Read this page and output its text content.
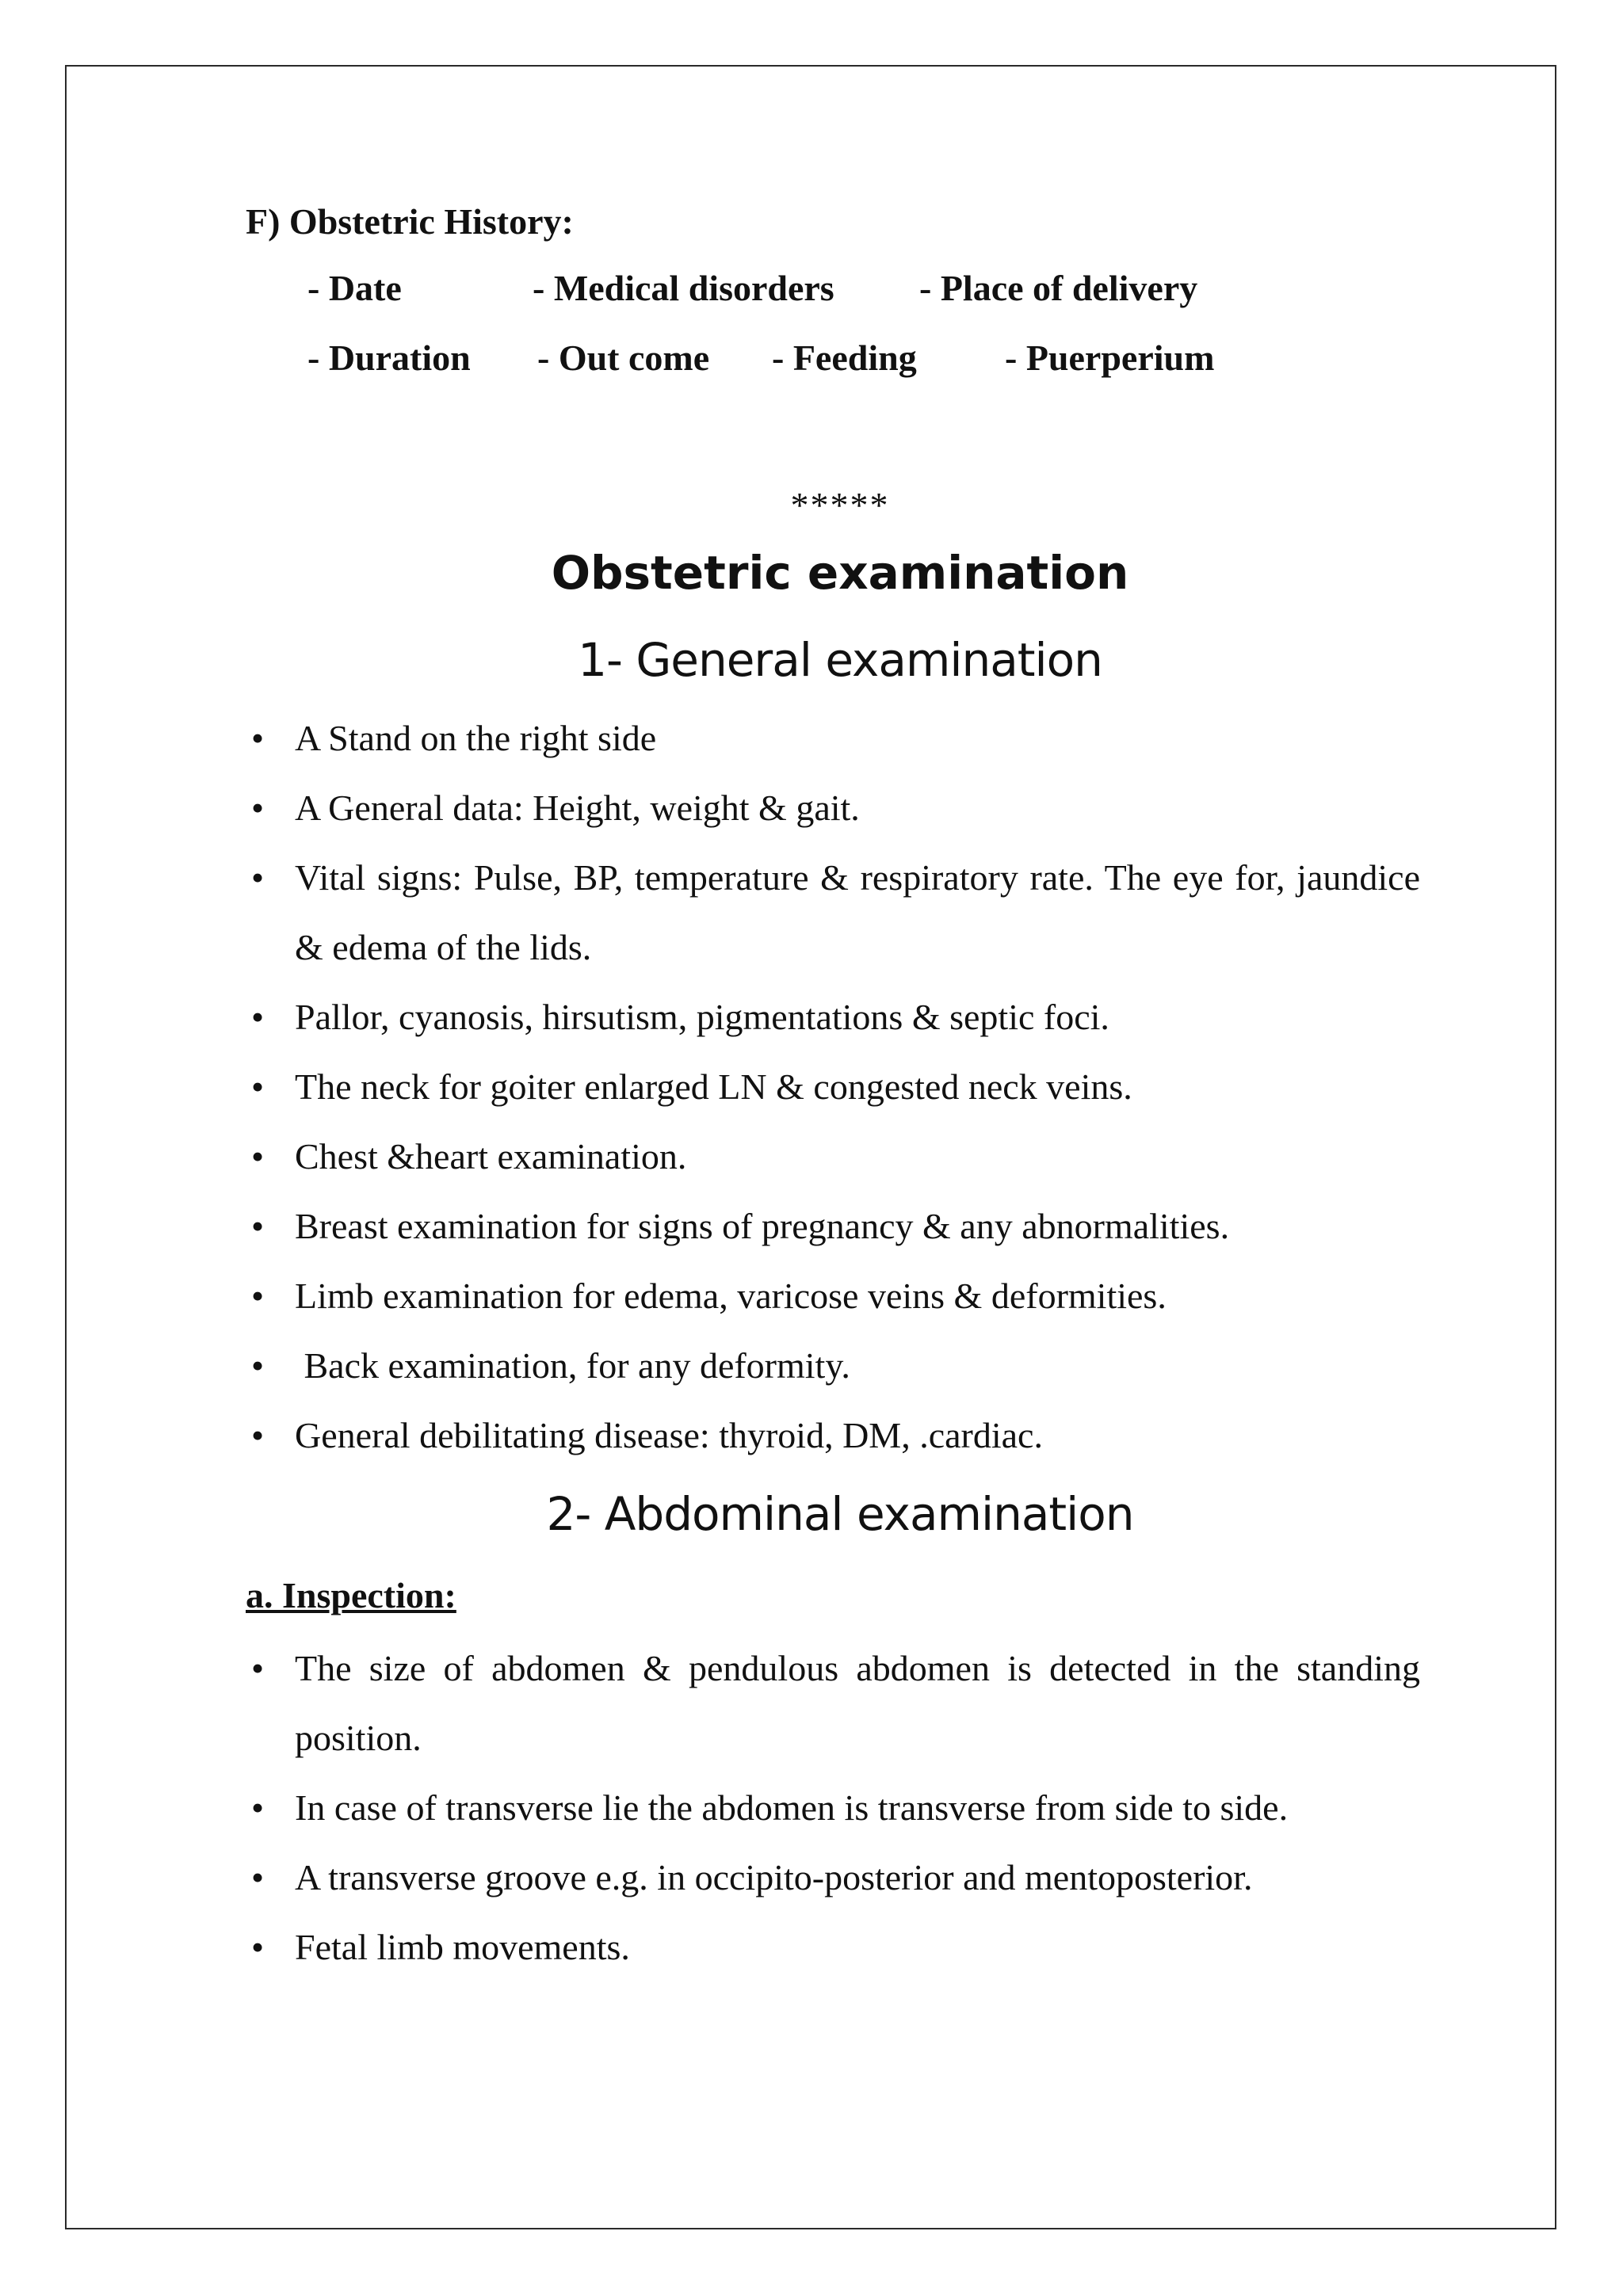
F) Obstetric History:

- Date	- Medical disorders	- Place of delivery
- Duration	- Out come	- Feeding	- Puerperium
*****
Obstetric examination
1- General examination
• A Stand on the right side
• A General data: Height, weight & gait.
• Vital signs: Pulse, BP, temperature & respiratory rate. The eye for, jaundice & edema of the lids.
• Pallor, cyanosis, hirsutism, pigmentations & septic foci.
• The neck for goiter enlarged LN & congested neck veins.
• Chest &heart examination.
• Breast examination for signs of pregnancy & any abnormalities.
• Limb examination for edema, varicose veins & deformities.
• Back examination, for any deformity.
• General debilitating disease: thyroid, DM, .cardiac.
2- Abdominal examination

a. Inspection:

• The size of abdomen & pendulous abdomen is detected in the standing position.
• In case of transverse lie the abdomen is transverse from side to side.
• A transverse groove e.g. in occipito-posterior and mentoposterior.
• Fetal limb movements.
